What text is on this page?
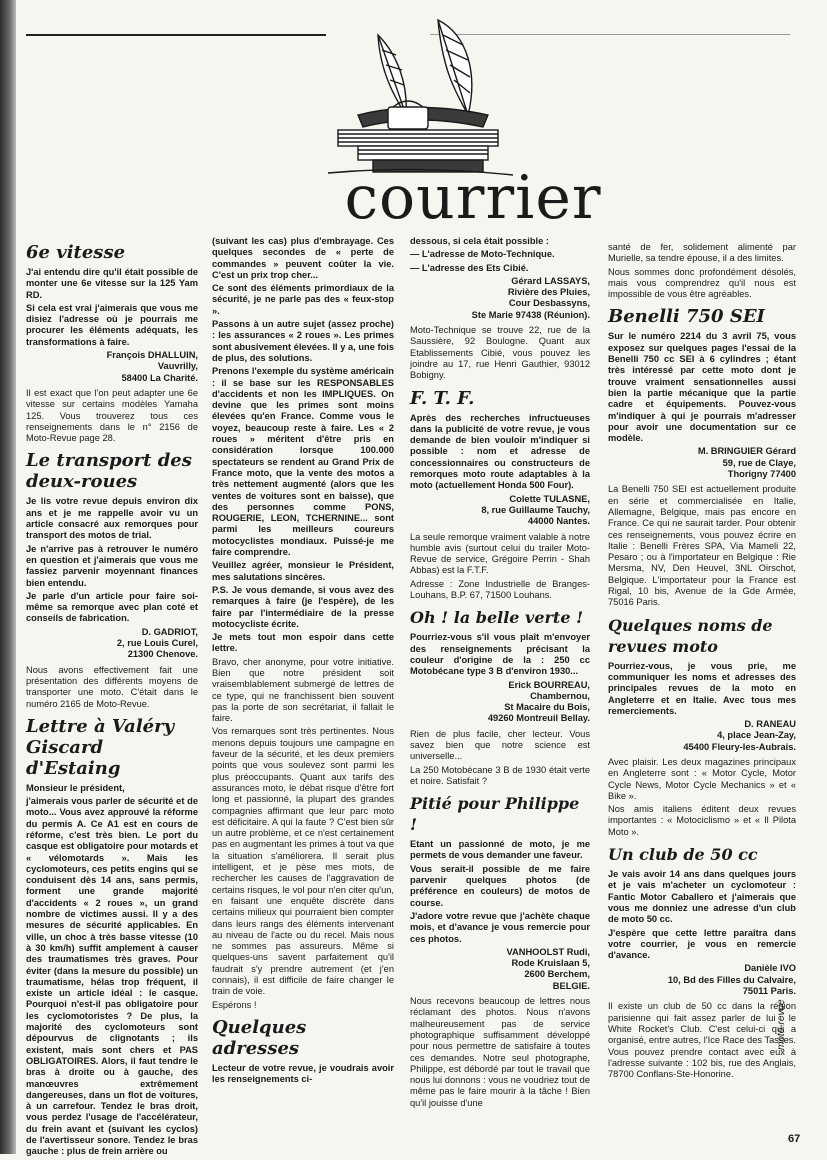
courrier
6e vitesse

J'ai entendu dire qu'il était possible de monter une 6e vitesse sur la 125 Yam RD.

Si cela est vrai j'aimerais que vous me disiez l'adresse où je pourrais me procurer les éléments adéquats, les transformations à faire.

François DHALLUIN,
Vauvrilly,
58400 La Charité.

Il est exact que l'on peut adapter une 6e vitesse sur certains modèles Yamaha 125. Vous trouverez tous ces renseignements dans le n° 2156 de Moto-Revue page 28.

Le transport des deux-roues

Je lis votre revue depuis environ dix ans et je me rappelle avoir vu un article consacré aux remorques pour transport des motos de trial.

Je n'arrive pas à retrouver le numéro en question et j'aimerais que vous me fassiez parvenir moyennant finances bien entendu.

Je parle d'un article pour faire soi-même sa remorque avec plan coté et conseils de fabrication.

D. GADRIOT,
2, rue Louis Curel,
21300 Chenove.

Nous avons effectivement fait une présentation des différents moyens de transporter une moto. C'était dans le numéro 2165 de Moto-Revue.

Lettre à Valéry Giscard d'Estaing

Monsieur le président,

j'aimerais vous parler de sécurité et de moto... Vous avez approuvé la réforme du permis A. Ce A1 est en cours de réforme, c'est très bien. Le port du casque est obligatoire pour motards et « vélomotards ». Mais les cyclomoteurs, ces petits engins qui se conduisent dès 14 ans, sans permis, forment une grande majorité d'accidents « 2 roues », un grand nombre de victimes aussi. Il y a des mesures de sécurité applicables. En ville, un choc à très basse vitesse (10 à 30 km/h) suffit amplement à causer des traumatismes très graves. Pour éviter (dans la mesure du possible) un traumatisme, hélas trop fréquent, il existe un article idéal : le casque. Pourquoi n'est-il pas obligatoire pour les cyclomotoristes ? De plus, la majorité des cyclomoteurs sont dépourvus de clignotants ; ils existent, mais sont chers et PAS OBLIGATOIRES. Alors, il faut tendre le bras à droite ou à gauche, des manœuvres extrêmement dangereuses, dans un flot de voitures, à un carrefour. Tendez le bras droit, vous perdez l'usage de l'accélérateur, du frein avant et (suivant les cyclos) de l'avertisseur sonore. Tendez le bras gauche : plus de frein arrière ou

(suivant les cas) plus d'embrayage. Ces quelques secondes de « perte de commandes » peuvent coûter la vie. C'est un prix trop cher...

Ce sont des éléments primordiaux de la sécurité, je ne parle pas des « feux-stop ».

Passons à un autre sujet (assez proche) : les assurances « 2 roues ». Les primes sont abusivement élevées. Il y a, une fois de plus, des solutions.

Prenons l'exemple du système américain : il se base sur les RESPONSABLES d'accidents et non les IMPLIQUES. On devine que les primes sont moins élevées qu'en France. Comme vous le voyez, beaucoup reste à faire. Les « 2 roues » méritent d'être pris en considération lorsque 100.000 spectateurs se rendent au Grand Prix de France moto, que la vente des motos a très nettement augmenté (alors que les ventes de voitures sont en baisse), que des personnes comme PONS, ROUGERIE, LEON, TCHERNINE... sont parmi les meilleurs coureurs motocyclistes mondiaux. Puissé-je me faire comprendre.

Veuillez agréer, monsieur le Président, mes salutations sincères.

P.S. Je vous demande, si vous avez des remarques à faire (je l'espère), de les faire par l'intermédiaire de la presse motocycliste écrite.

Je mets tout mon espoir dans cette lettre.

Bravo, cher anonyme, pour votre initiative. Bien que notre président soit vraisemblablement submergé de lettres de ce type, qui ne franchissent bien souvent pas la porte de son secrétariat, il fallait le faire.

Vos remarques sont très pertinentes. Nous menons depuis toujours une campagne en faveur de la sécurité, et les deux premiers points que vous soulevez sont parmi les plus préoccupants. Quant aux tarifs des assurances moto, le débat risque d'être fort long et passionné, la plupart des grandes compagnies affirmant que leur parc moto est déficitaire. A qui la faute ? C'est bien sûr un autre problème, et ce n'est certainement pas en augmentant les primes à tout va que la situation s'améliorera. Il serait plus intelligent, et je pèse mes mots, de rechercher les causes de l'aggravation de certains risques, le vol pour n'en citer qu'un, en faisant une enquête discrète dans certains milieux qui pourraient bien compter dans leurs rangs des éléments intervenant au niveau de l'acte ou du recel. Mais nous ne sommes pas assureurs. Même si quelques-uns savent parfaitement qu'il faudrait s'y prendre autrement (et j'en connais), il est difficile de faire changer le train de voie.

Espérons !

Quelques adresses

Lecteur de votre revue, je voudrais avoir les renseignements ci-

dessous, si cela était possible :

— L'adresse de Moto-Technique.

— L'adresse des Ets Cibié.

Gérard LASSAYS,
Rivière des Pluies,
Cour Desbassyns,
Ste Marie 97438 (Réunion).

Moto-Technique se trouve 22, rue de la Saussière, 92 Boulogne. Quant aux Etablissements Cibié, vous pouvez les joindre au 17, rue Henri Gauthier, 93012 Bobigny.

F. T. F.

Après des recherches infructueuses dans la publicité de votre revue, je vous demande de bien vouloir m'indiquer si possible : nom et adresse de concessionnaires ou constructeurs de remorques moto route adaptables à la moto (actuellement Honda 500 Four).

Colette TULASNE,
8, rue Guillaume Tauchy,
44000 Nantes.

La seule remorque vraiment valable à notre humble avis (surtout celui du trailer Moto-Revue de service, Grégoire Perrin - Shah Abbas) est la F.T.F.

Adresse : Zone Industrielle de Branges-Louhans, B.P. 67, 71500 Louhans.

Oh ! la belle verte !

Pourriez-vous s'il vous plaît m'envoyer des renseignements précisant la couleur d'origine de la : 250 cc Motobécane type 3 B d'environ 1930...

Erick BOURREAU,
Chambernou,
St Macaire du Bois,
49260 Montreuil Bellay.

Rien de plus facile, cher lecteur. Vous savez bien que notre science est universelle...

La 250 Motobécane 3 B de 1930 était verte et noire. Satisfait ?

Pitié pour Philippe !

Etant un passionné de moto, je me permets de vous demander une faveur.

Vous serait-il possible de me faire parvenir quelques photos (de préférence en couleurs) de motos de course.

J'adore votre revue que j'achète chaque mois, et d'avance je vous remercie pour ces photos.

VANHOOLST Rudi,
Rode Kruislaan 5,
2600 Berchem,
BELGIE.

Nous recevons beaucoup de lettres nous réclamant des photos. Nous n'avons malheureusement pas de service photographique suffisamment développé pour nous permettre de satisfaire à toutes ces demandes. Notre seul photographe, Philippe, est débordé par tout le travail que nous lui donnons : vous ne voudriez tout de même pas le faire mourir à la tâche ! Bien qu'il jouisse d'une

santé de fer, solidement alimenté par Murielle, sa tendre épouse, il a des limites.

Nous sommes donc profondément désolés, mais vous comprendrez qu'il nous est impossible de vous être agréables.

Benelli 750 SEI

Sur le numéro 2214 du 3 avril 75, vous exposez sur quelques pages l'essai de la Benelli 750 cc SEI à 6 cylindres ; étant très intéressé par cette moto dont je trouve vraiment sensationnelles aussi bien la partie mécanique que la partie cadre et équipements. Pouvez-vous m'indiquer à qui je pourrais m'adresser pour avoir une documentation sur ce modèle.

M. BRINGUIER Gérard
59, rue de Claye,
Thorigny 77400

La Benelli 750 SEI est actuellement produite en série et commercialisée en Italie, Allemagne, Belgique, mais pas encore en France. Ce qui ne saurait tarder. Pour obtenir ces renseignements, vous pouvez écrire en Italie : Benelli Frères SPA, Via Mameli 22, Pesaro ; ou à l'importateur en Belgique : Rie Mersma, NV, Den Heuvel, 3NL Oirschot, Belgique. L'importateur pour la France est Rigal, 10 bis, Avenue de la Gde Armée, 75016 Paris.

Quelques noms de revues moto

Pourriez-vous, je vous prie, me communiquer les noms et adresses des principales revues de la moto en Angleterre et en Italie. Avec tous mes remerciements.

D. RANEAU
4, place Jean-Zay,
45400 Fleury-les-Aubrais.

Avec plaisir. Les deux magazines principaux en Angleterre sont : « Motor Cycle, Motor Cycle News, Motor Cycle Mechanics » et « Bike ».

Nos amis italiens éditent deux revues importantes : « Motociclismo » et « Il Pilota Moto ».

Un club de 50 cc

Je vais avoir 14 ans dans quelques jours et je vais m'acheter un cyclomoteur : Fantic Motor Caballero et j'aimerais que vous me donniez une adresse d'un club de moto 50 cc.

J'espère que cette lettre paraîtra dans votre courrier, je vous en remercie d'avance.

Danièle IVO
10, Bd des Filles du Calvaire,
75011 Paris.

Il existe un club de 50 cc dans la région parisienne qui fait assez parler de lui : le White Rocket's Club. C'est celui-ci qui a organisé, entre autres, l'Ice Race des Tasses. Vous pouvez prendre contact avec eux à l'adresse suivante : 102 bis, rue des Anglais, 78700 Conflans-Ste-Honorine.

moto-revue
67
